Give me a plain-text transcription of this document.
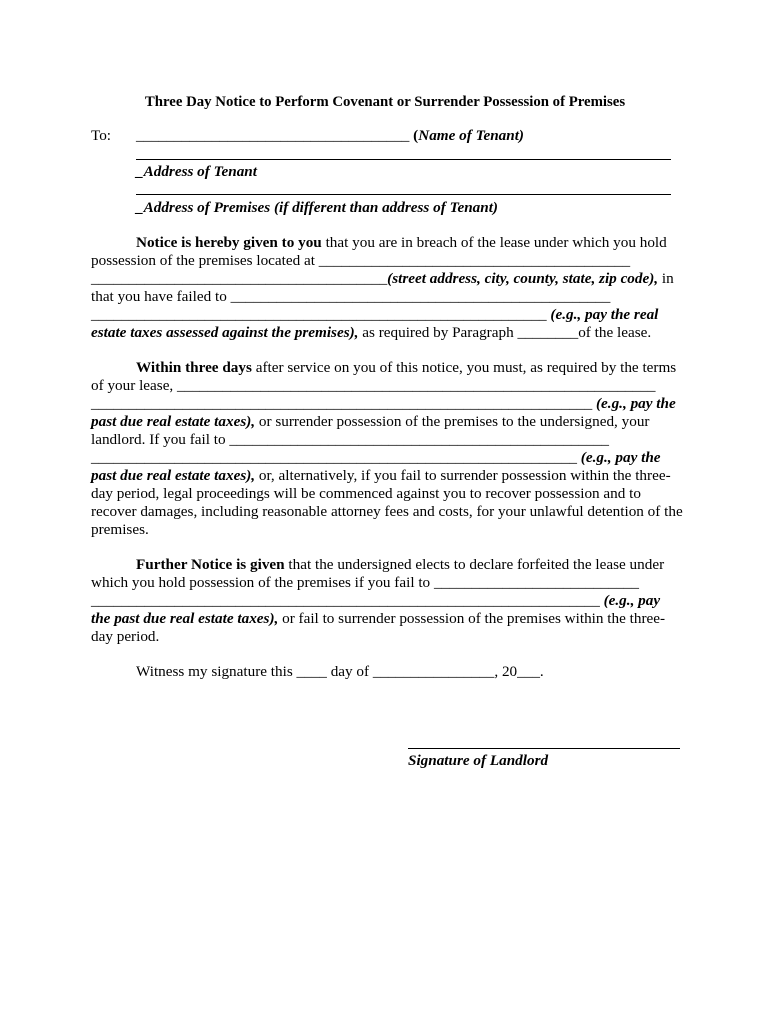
Three Day Notice to Perform Covenant or Surrender Possession of Premises
To: ____________________________________ (Name of Tenant)
_Address of Tenant
_Address of Premises (if different than address of Tenant)
Notice is hereby given to you that you are in breach of the lease under which you hold
possession of the premises located at _________________________________________
_______________________________________(street address, city, county, state, zip code), in
that you have failed to __________________________________________________
____________________________________________________________ (e.g., pay the real
estate taxes assessed against the premises), as required by Paragraph ________of the lease.
Within three days after service on you of this notice, you must, as required by the terms
of your lease, _______________________________________________________________
__________________________________________________________________ (e.g., pay the
past due real estate taxes), or surrender possession of the premises to the undersigned, your
landlord. If you fail to __________________________________________________
________________________________________________________________ (e.g., pay the
past due real estate taxes), or, alternatively, if you fail to surrender possession within the three-
day period, legal proceedings will be commenced against you to recover possession and to
recover damages, including reasonable attorney fees and costs, for your unlawful detention of the
premises.
Further Notice is given that the undersigned elects to declare forfeited the lease under
which you hold possession of the premises if you fail to ___________________________
___________________________________________________________________ (e.g., pay
the past due real estate taxes), or fail to surrender possession of the premises within the three-
day period.
Witness my signature this ____ day of ________________, 20___.
Signature of Landlord
